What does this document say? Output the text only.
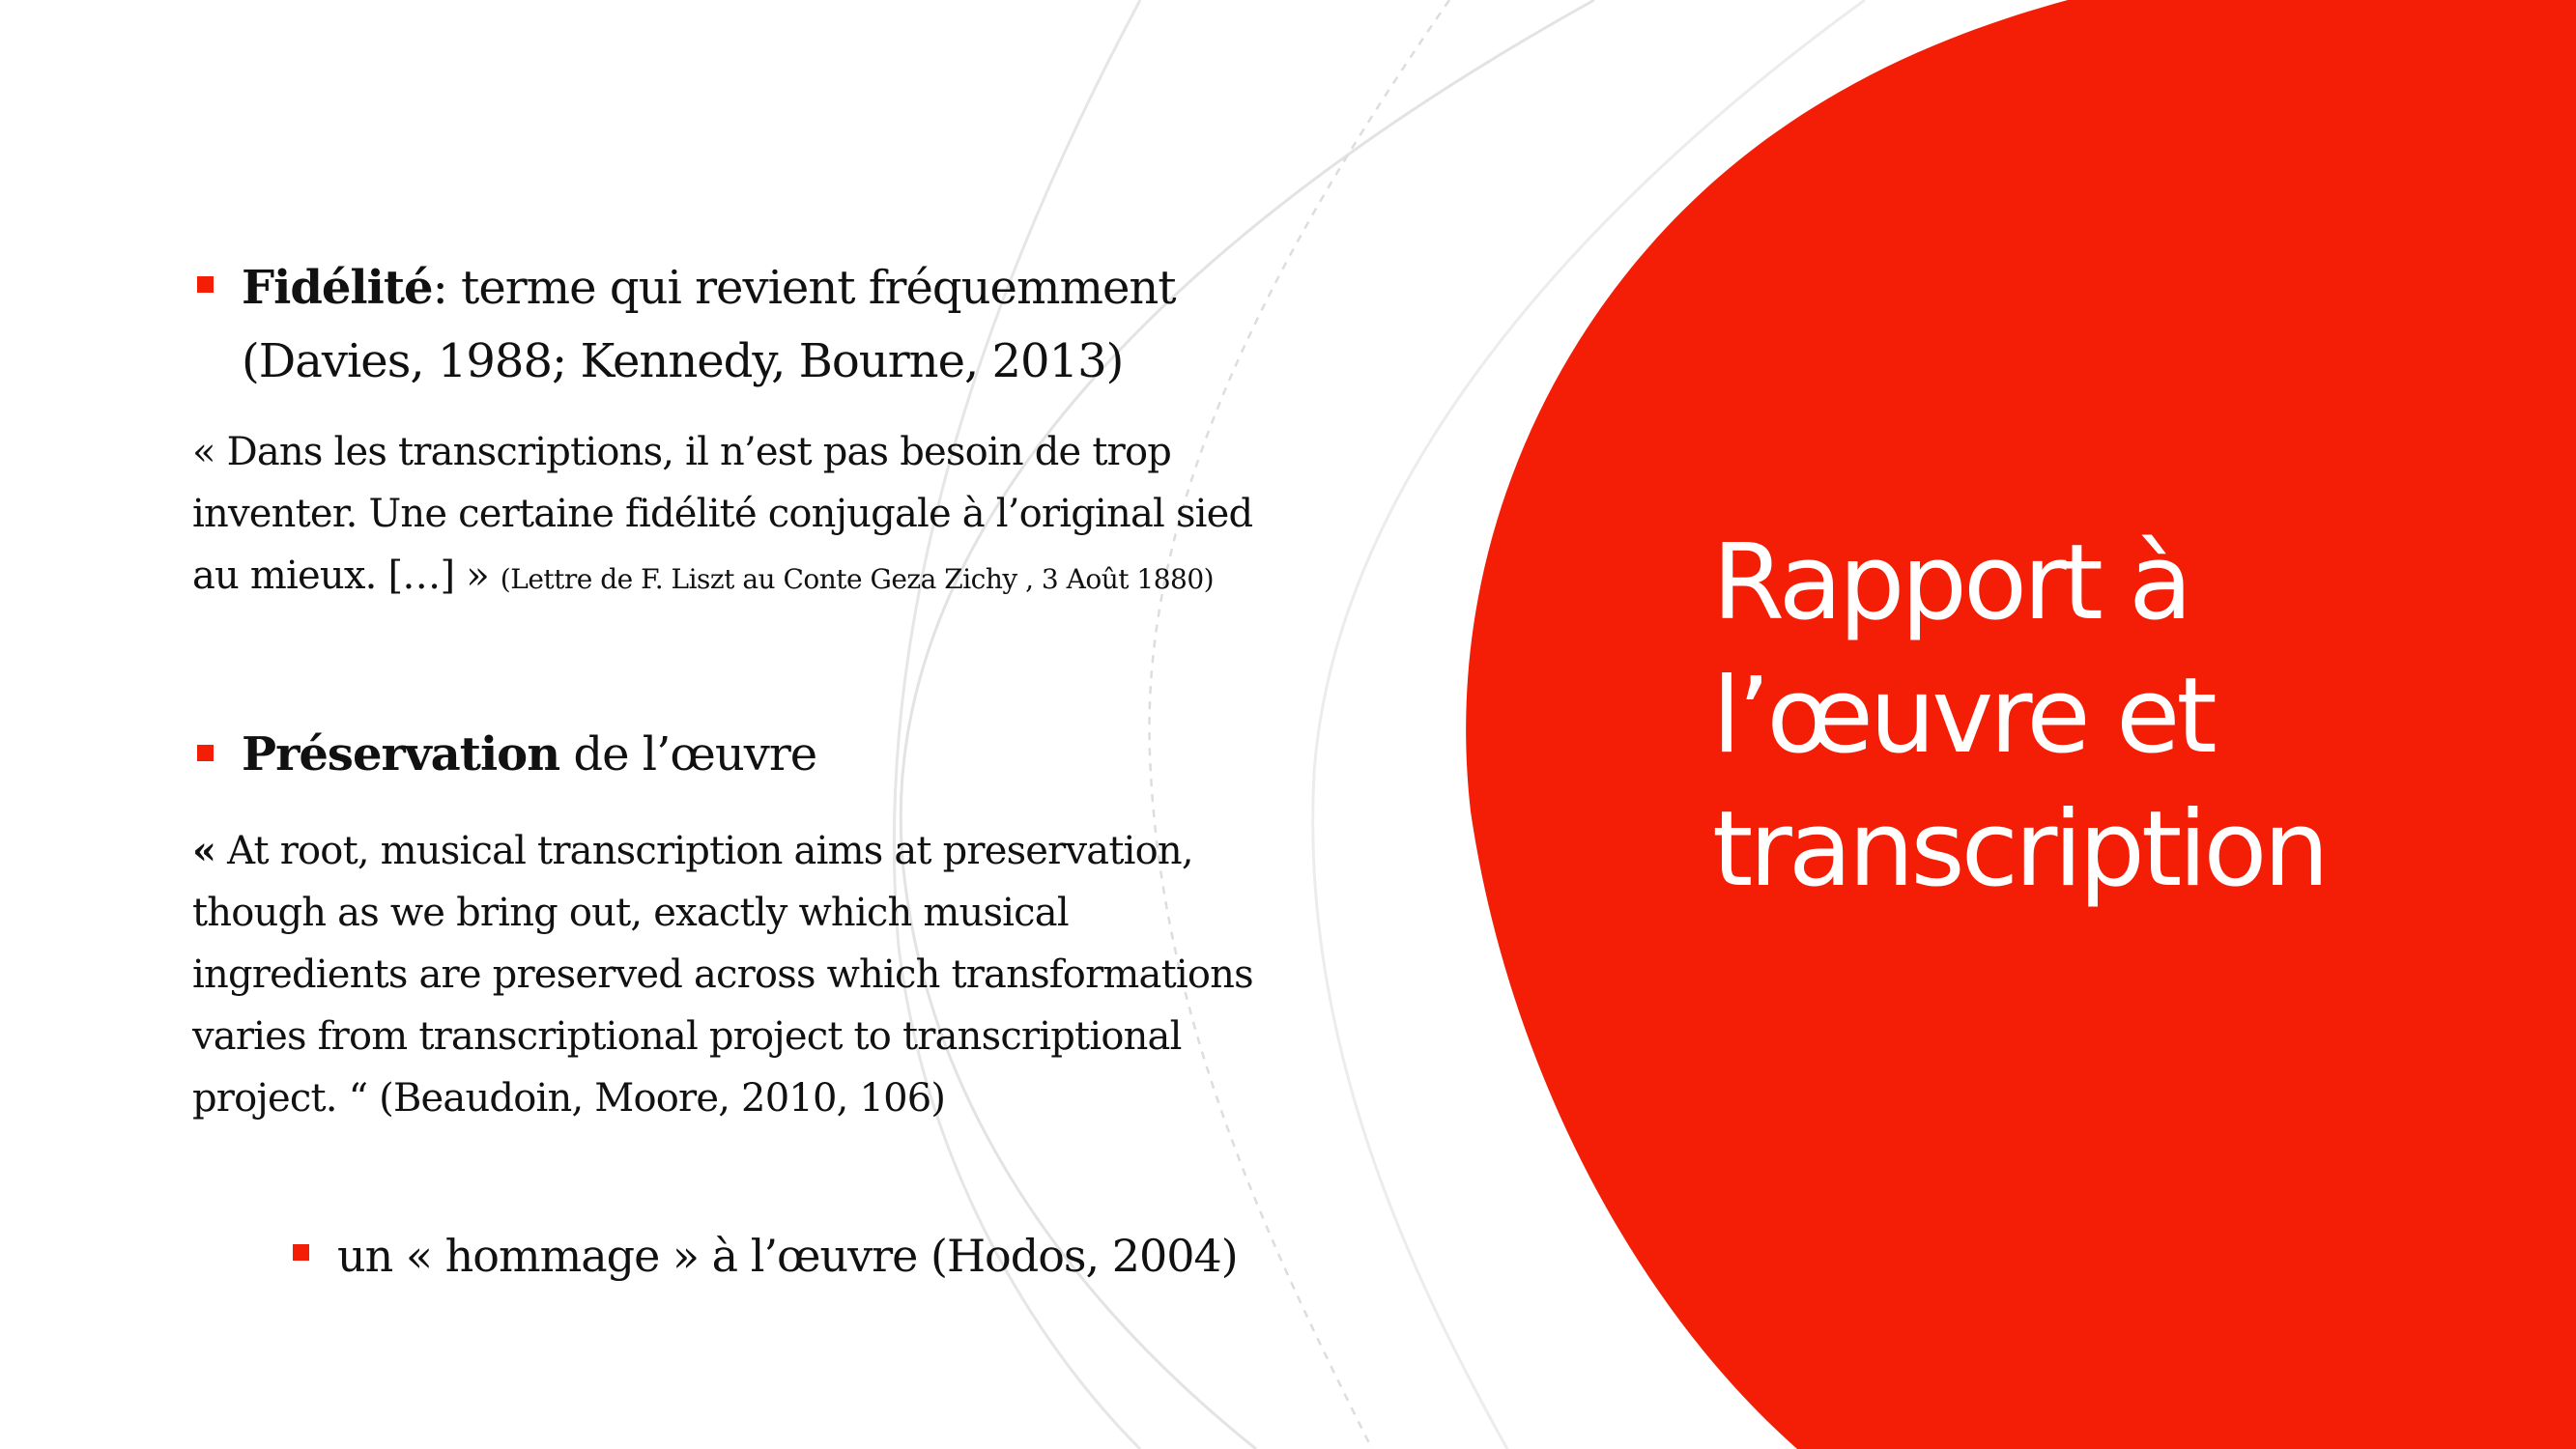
Fidélité: terme qui revient fréquemment
(Davies, 1988; Kennedy, Bourne, 2013)
« Dans les transcriptions, il n’est pas besoin de trop
inventer. Une certaine fidélité conjugale à l’original sied
au mieux. […] » (Lettre de F. Liszt au Conte Geza Zichy , 3 Août 1880)
Préservation de l’œuvre
« At root, musical transcription aims at preservation,
though as we bring out, exactly which musical
ingredients are preserved across which transformations
varies from transcriptional project to transcriptional
project. “ (Beaudoin, Moore, 2010, 106)
un « hommage » à l’œuvre (Hodos, 2004)
Rapport à
l’œuvre et
transcription
